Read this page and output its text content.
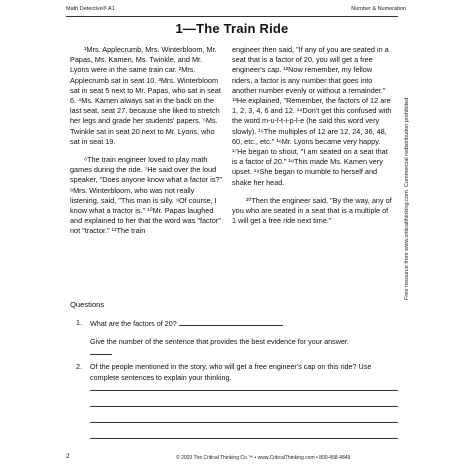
Math Detective® A1	Number & Numeration
1—The Train Ride

¹Mrs. Applecrumb, Mrs. Winterbloom, Mr. Papas, Ms. Kamen, Ms. Twinkle, and Mr. Lyons were in the same train car. ²Mrs. Applecrumb sat in seat 10. ³Mrs. Winterbloom sat in seat 5 next to Mr. Papas, who sat in seat 6. ⁴Ms. Kamen always sat in the back on the last seat, seat 27, because she liked to stretch her legs and grade her students' papers. ⁵Ms. Twinkle sat in seat 20 next to Mr. Lyons, who sat in seat 19.

⁶The train engineer loved to play math games during the ride. ⁷He said over the loud speaker, "Does anyone know what a factor is?" ⁸Mrs. Winterbloom, who was not really listening, said, "This man is silly. ⁹Of course, I know what a tractor is." ¹⁰Mr. Papas laughed and explained to her that the word was "factor" not "tractor." ¹¹The train

engineer then said, "If any of you are seated in a seat that is a factor of 20, you will get a free engineer's cap. ¹²Now remember, my fellow riders, a factor is any number that goes into another number evenly or without a remainder." ¹³He explained, "Remember, the factors of 12 are 1, 2, 3, 4, 6 and 12. ¹⁴Don't get this confused with the word m-u-l-t-i-p-l-e (he said this word very slowly). ¹⁵The multiples of 12 are 12, 24, 36, 48, 60, etc., etc." ¹⁶Mr. Lyons became very happy. ¹⁷He began to shout, "I am seated on a seat that is a factor of 20." ¹⁸This made Ms. Kamen very upset. ¹⁹She began to mumble to herself and shake her head.

²⁰Then the engineer said, "By the way, any of you who are seated in a seat that is a multiple of 1 will get a free ride next time."

Questions
1. What are the factors of 20?
Give the number of the sentence that provides the best evidence for your answer.

2. Of the people mentioned in the story, who will get a free engineer's cap on this ride? Use complete sentences to explain your thinking.
Free resource from www.criticalthinking.com. Commercial redistribution prohibited
2	© 2003 The Critical Thinking Co.™ • www.CriticalThinking.com • 800-458-4849
